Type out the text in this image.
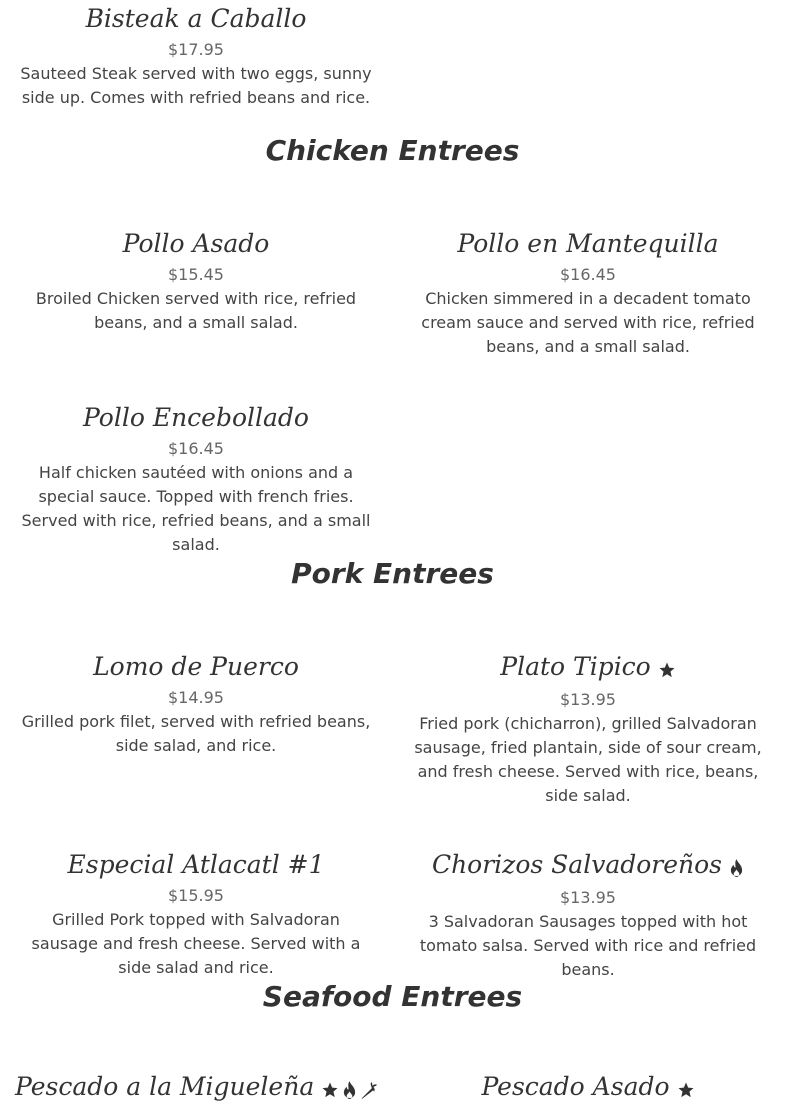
Bisteak a Caballo
$17.95
Sauteed Steak served with two eggs, sunny side up. Comes with refried beans and rice.
Chicken Entrees
Pollo Asado
$15.45
Broiled Chicken served with rice, refried beans, and a small salad.
Pollo en Mantequilla
$16.45
Chicken simmered in a decadent tomato cream sauce and served with rice, refried beans, and a small salad.
Pollo Encebollado
$16.45
Half chicken sautéed with onions and a special sauce. Topped with french fries. Served with rice, refried beans, and a small salad.
Pork Entrees
Lomo de Puerco
$14.95
Grilled pork filet, served with refried beans, side salad, and rice.
Plato Tipico
$13.95
Fried pork (chicharron), grilled Salvadoran sausage, fried plantain, side of sour cream, and fresh cheese. Served with rice, beans, side salad.
Especial Atlacatl #1
$15.95
Grilled Pork topped with Salvadoran sausage and fresh cheese. Served with a side salad and rice.
Chorizos Salvadoreños
$13.95
3 Salvadoran Sausages topped with hot tomato salsa. Served with rice and refried beans.
Seafood Entrees
Pescado a la Migueleña	Pescado Asado
